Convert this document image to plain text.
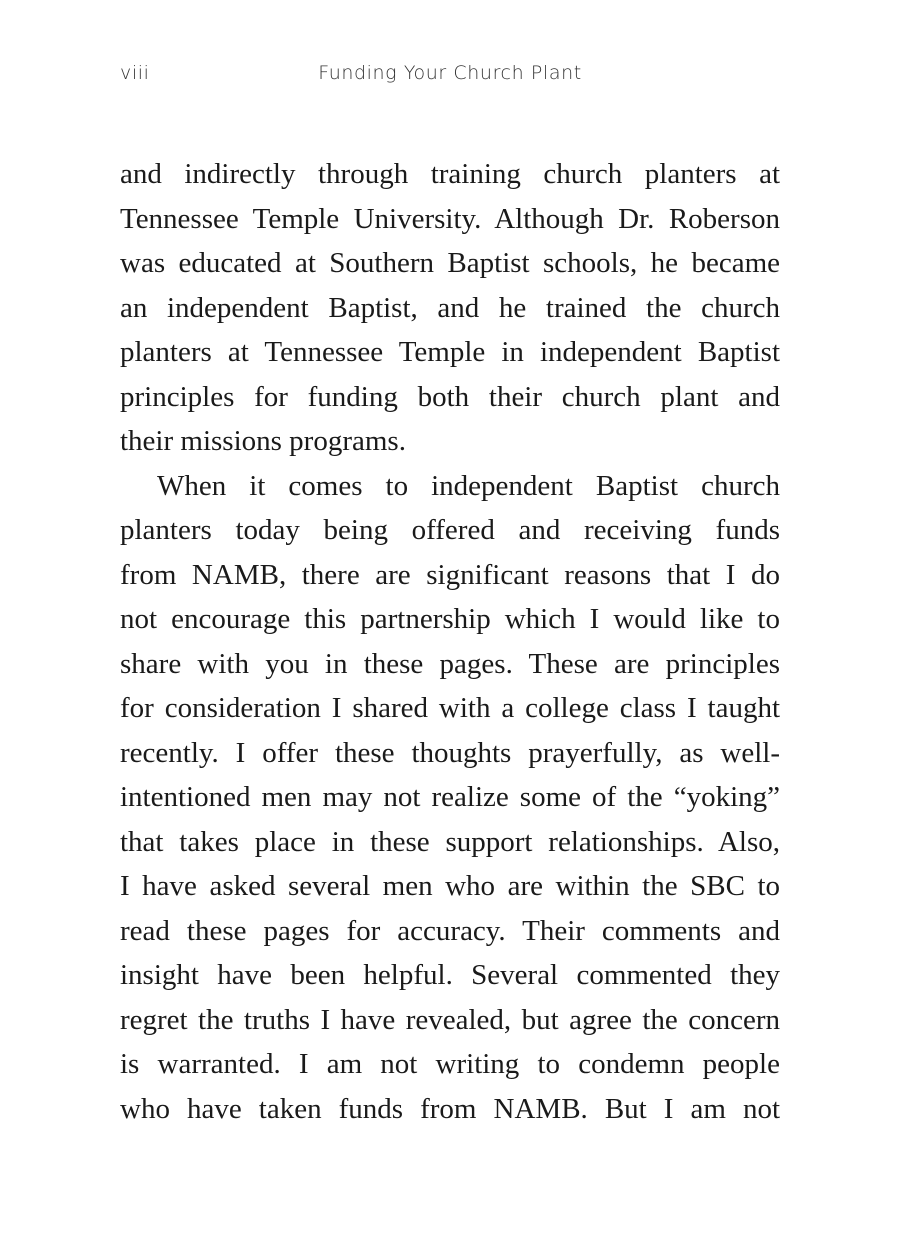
viii	Funding Your Church Plant
and indirectly through training church planters at
Tennessee Temple University. Although Dr. Roberson
was educated at Southern Baptist schools, he became
an independent Baptist, and he trained the church
planters at Tennessee Temple in independent Baptist
principles for funding both their church plant and
their missions programs.
When it comes to independent Baptist church
planters today being offered and receiving funds
from NAMB, there are significant reasons that I do
not encourage this partnership which I would like to
share with you in these pages. These are principles
for consideration I shared with a college class I taught
recently. I offer these thoughts prayerfully, as well-
intentioned men may not realize some of the “yoking”
that takes place in these support relationships. Also,
I have asked several men who are within the SBC to
read these pages for accuracy. Their comments and
insight have been helpful. Several commented they
regret the truths I have revealed, but agree the concern
is warranted. I am not writing to condemn people
who have taken funds from NAMB. But I am not
